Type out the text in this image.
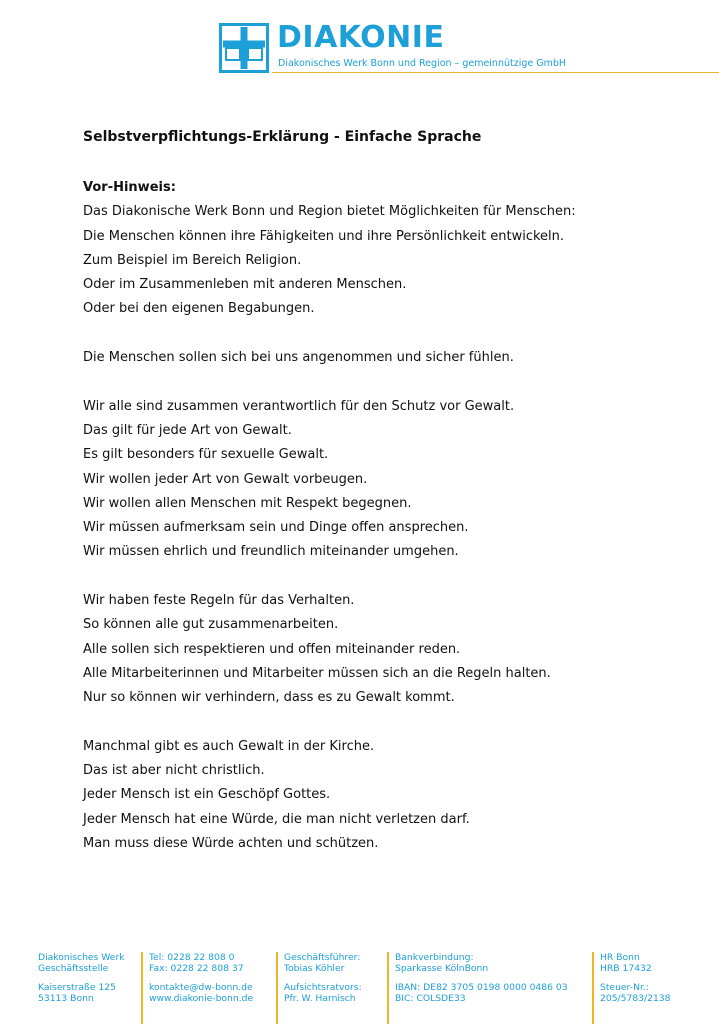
DIAKONIE
Diakonisches Werk Bonn und Region – gemeinnützige GmbH
Selbstverpflichtungs-Erklärung - Einfache Sprache
Vor-Hinweis:
Das Diakonische Werk Bonn und Region bietet Möglichkeiten für Menschen:
Die Menschen können ihre Fähigkeiten und ihre Persönlichkeit entwickeln.
Zum Beispiel im Bereich Religion.
Oder im Zusammenleben mit anderen Menschen.
Oder bei den eigenen Begabungen.
Die Menschen sollen sich bei uns angenommen und sicher fühlen.
Wir alle sind zusammen verantwortlich für den Schutz vor Gewalt.
Das gilt für jede Art von Gewalt.
Es gilt besonders für sexuelle Gewalt.
Wir wollen jeder Art von Gewalt vorbeugen.
Wir wollen allen Menschen mit Respekt begegnen.
Wir müssen aufmerksam sein und Dinge offen ansprechen.
Wir müssen ehrlich und freundlich miteinander umgehen.
Wir haben feste Regeln für das Verhalten.
So können alle gut zusammenarbeiten.
Alle sollen sich respektieren und offen miteinander reden.
Alle Mitarbeiterinnen und Mitarbeiter müssen sich an die Regeln halten.
Nur so können wir verhindern, dass es zu Gewalt kommt.
Manchmal gibt es auch Gewalt in der Kirche.
Das ist aber nicht christlich.
Jeder Mensch ist ein Geschöpf Gottes.
Jeder Mensch hat eine Würde, die man nicht verletzen darf.
Man muss diese Würde achten und schützen.
Diakonisches Werk
Geschäftsstelle
Kaiserstraße 125
53113 Bonn
Tel: 0228 22 808 0
Fax: 0228 22 808 37
kontakte@dw-bonn.de
www.diakonie-bonn.de
Geschäftsführer:
Tobias Köhler
Aufsichtsratvors:
Pfr. W. Harnisch
Bankverbindung:
Sparkasse KölnBonn
IBAN: DE82 3705 0198 0000 0486 03
BIC: COLSDE33
HR Bonn
HRB 17432
Steuer-Nr.:
205/5783/2138
